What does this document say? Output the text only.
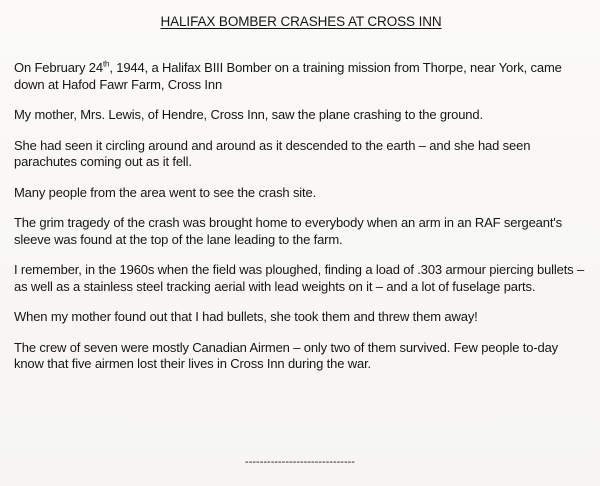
HALIFAX BOMBER CRASHES AT CROSS INN

On February 24th, 1944, a Halifax BIII Bomber on a training mission from Thorpe, near York, came down at Hafod Fawr Farm, Cross Inn

My mother, Mrs. Lewis, of Hendre, Cross Inn, saw the plane crashing to the ground.

She had seen it circling around and around as it descended to the earth – and she had seen parachutes coming out as it fell.

Many people from the area went to see the crash site.

The grim tragedy of the crash was brought home to everybody when an arm in an RAF sergeant's sleeve was found at the top of the lane leading to the farm.

I remember, in the 1960s when the field was ploughed, finding a load of .303 armour piercing bullets – as well as a stainless steel tracking aerial with lead weights on it – and a lot of fuselage parts.

When my mother found out that I had bullets, she took them and threw them away!

The crew of seven were mostly Canadian Airmen – only two of them survived. Few people to-day know that five airmen lost their lives in Cross Inn during the war.

------------------------------
